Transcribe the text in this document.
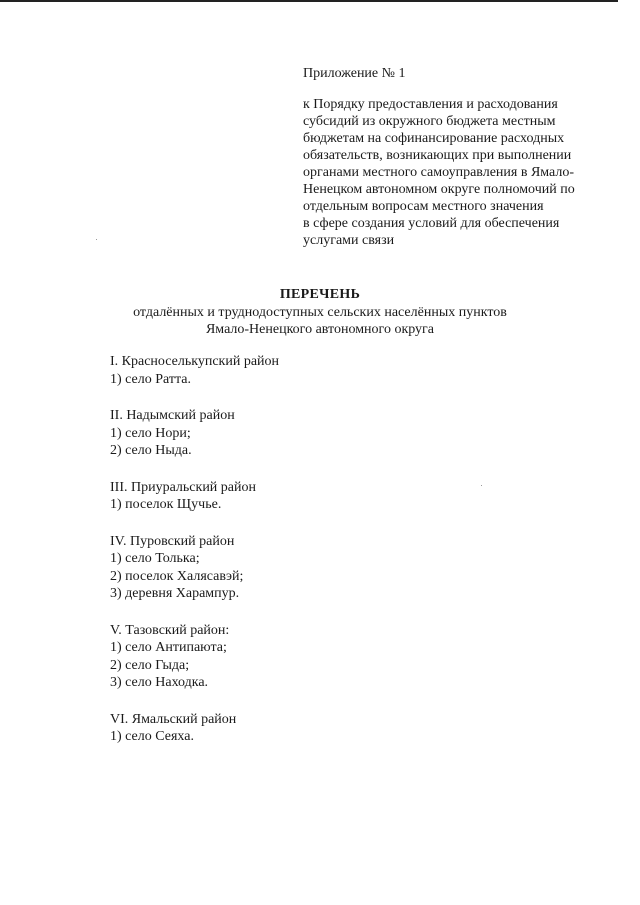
Приложение № 1
к Порядку предоставления и расходования
субсидий из окружного бюджета местным
бюджетам на софинансирование расходных
обязательств, возникающих при выполнении
органами местного самоуправления в Ямало-
Ненецком автономном округе полномочий по
отдельным вопросам местного значения
в сфере создания условий для обеспечения
услугами связи
ПЕРЕЧЕНЬ
отдалённых и труднодоступных сельских населённых пунктов
Ямало-Ненецкого автономного округа
I. Красноселькупский район
1) село Ратта.
II. Надымский район
1) село Нори;
2) село Ныда.
III. Приуральский район
1) поселок Щучье.
IV. Пуровский район
1) село Толька;
2) поселок Халясавэй;
3) деревня Харампур.
V. Тазовский район:
1) село Антипаюта;
2) село Гыда;
3) село Находка.
VI. Ямальский район
1) село Сеяха.
